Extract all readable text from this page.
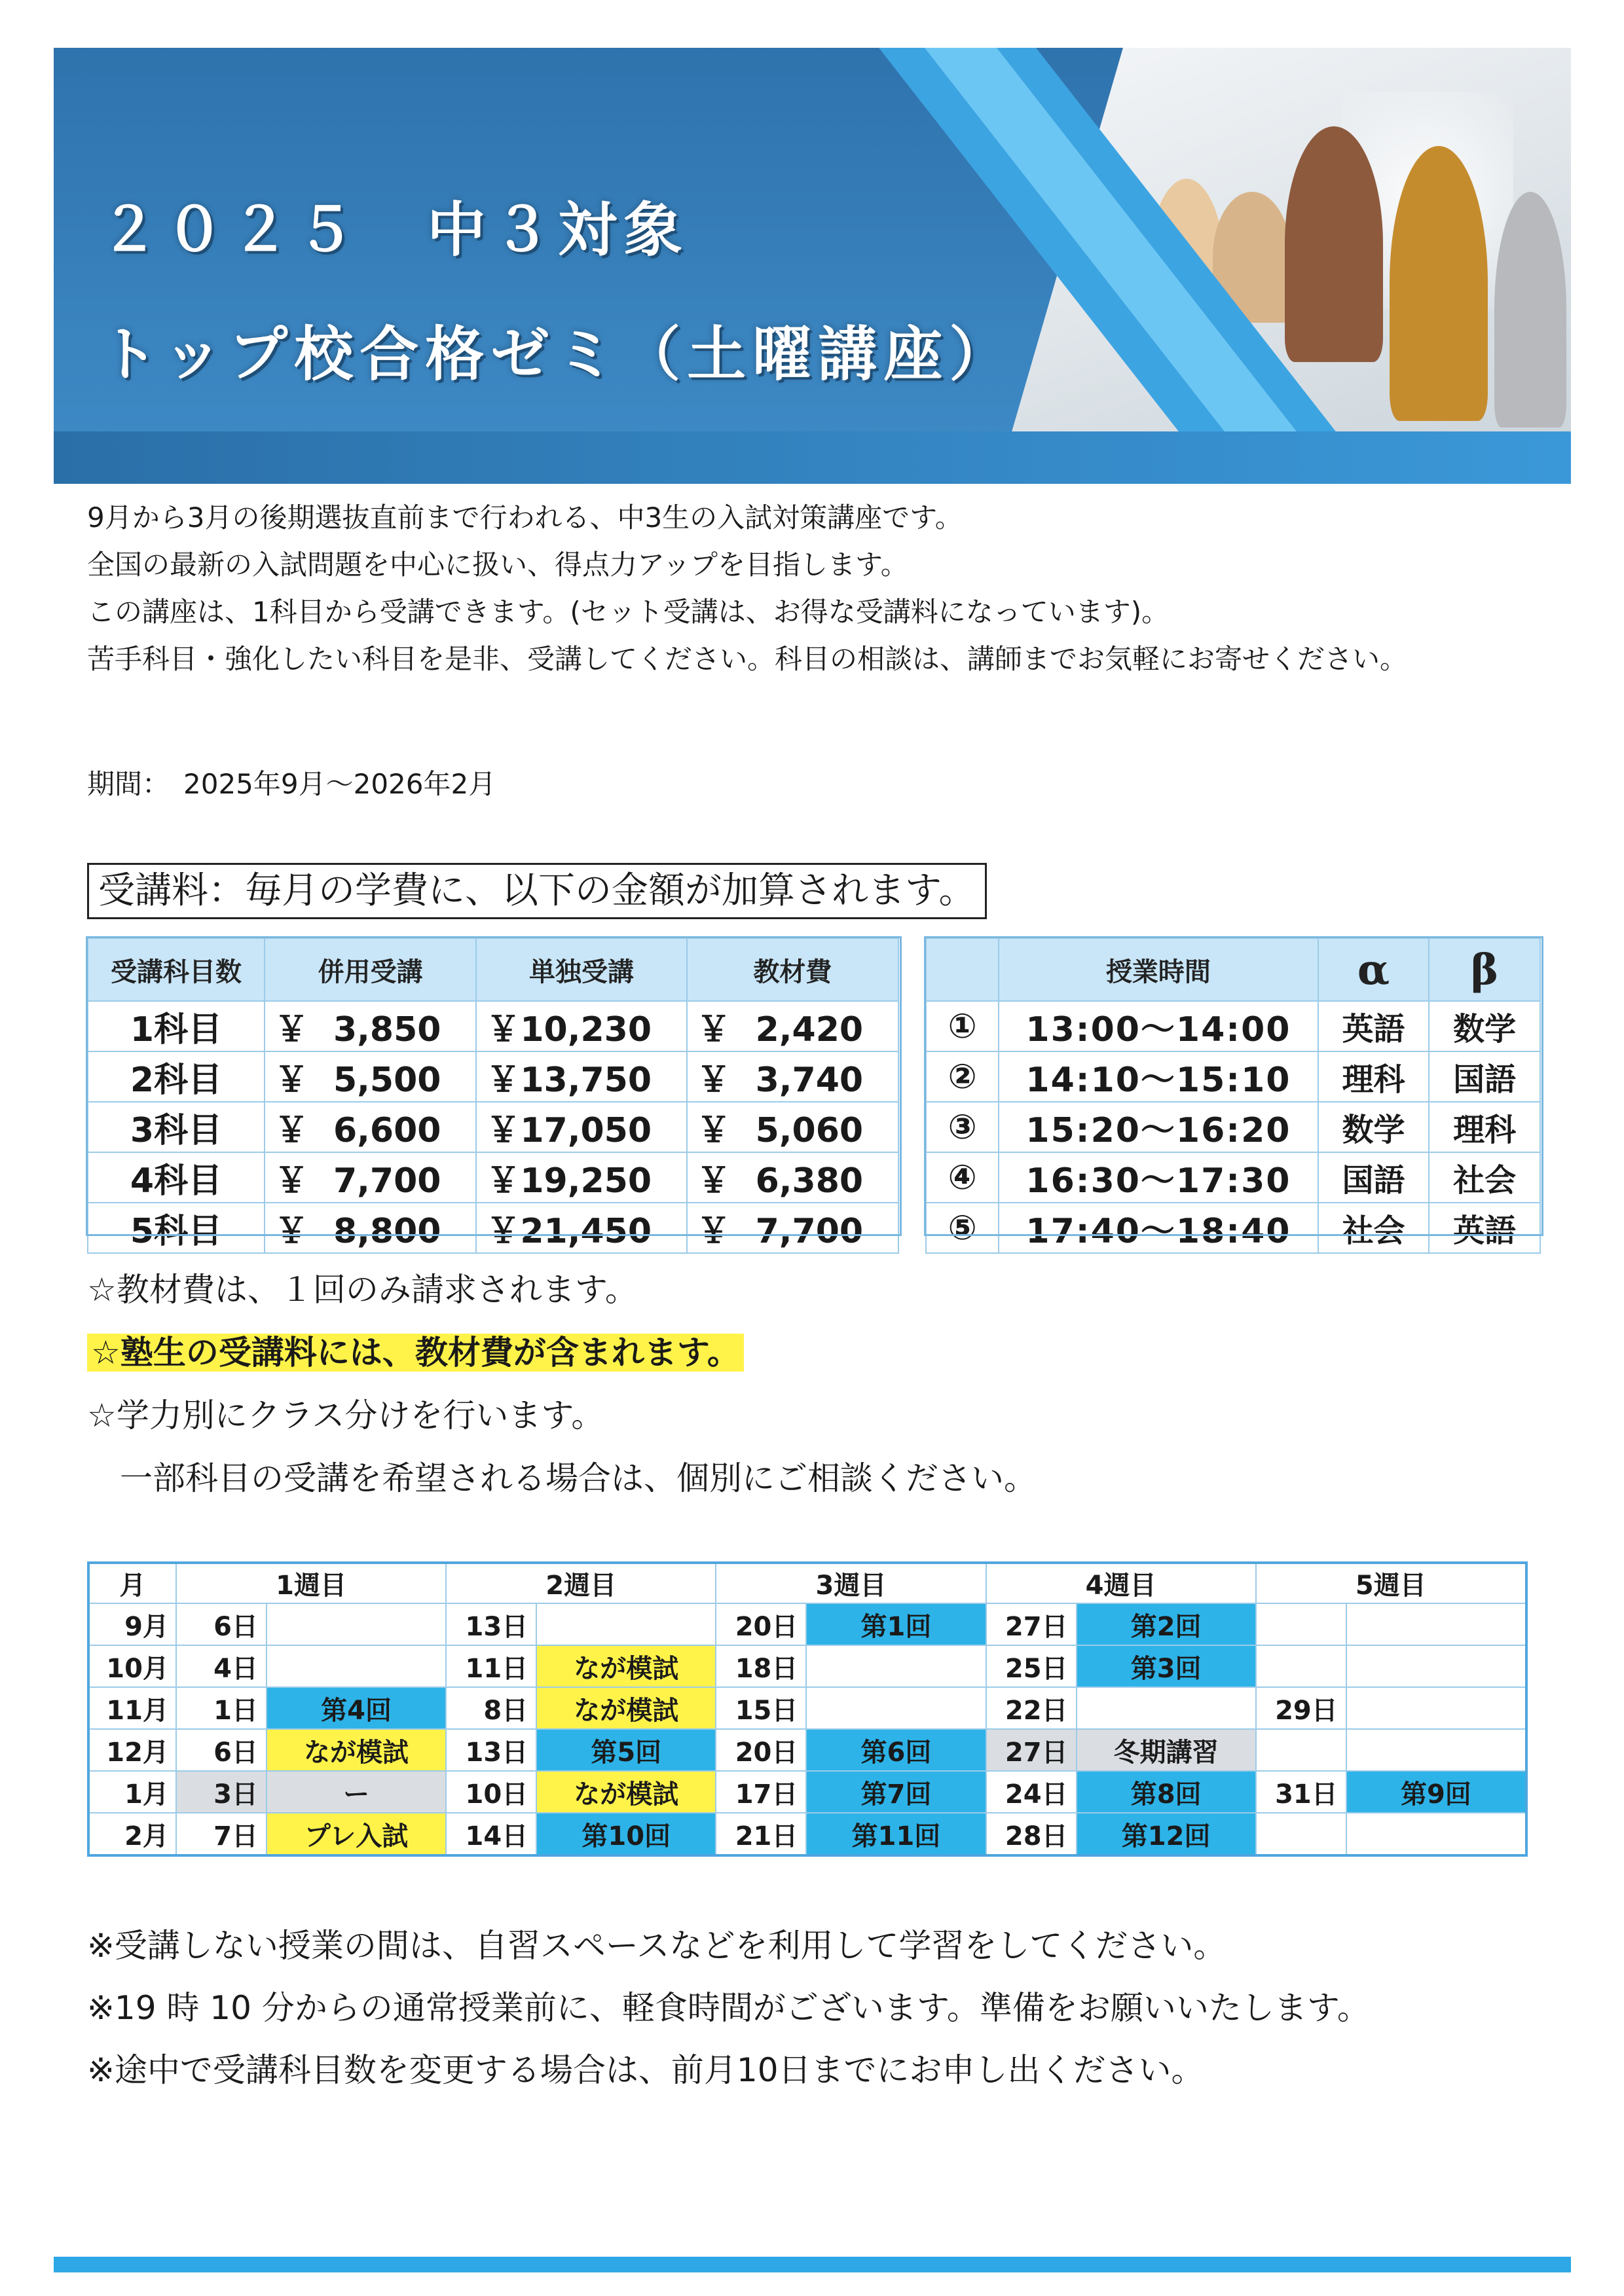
２０２５　中３対象
トップ校合格ゼミ（土曜講座）

9月から3月の後期選抜直前まで行われる、中3生の入試対策講座です。

全国の最新の入試問題を中心に扱い、得点力アップを目指します。

この講座は、1科目から受講できます。(セット受講は、お得な受講料になっています)。

苦手科目・強化したい科目を是非、受講してください。科目の相談は、講師までお気軽にお寄せください。

期間：　2025年9月～2026年2月
受講料：毎月の学費に、以下の金額が加算されます。
受講科目数	併用受講	単独受講	教材費
1科目	￥ 3,850	￥10,230	￥ 2,420
2科目	￥ 5,500	￥13,750	￥ 3,740
3科目	￥ 6,600	￥17,050	￥ 5,060
4科目	￥ 7,700	￥19,250	￥ 6,380
5科目	￥ 8,800	￥21,450	￥ 7,700
	授業時間	α	β
①	13:00～14:00	英語	数学
②	14:10～15:10	理科	国語
③	15:20～16:20	数学	理科
④	16:30～17:30	国語	社会
⑤	17:40～18:40	社会	英語

☆教材費は、１回のみ請求されます。

☆塾生の受講料には、教材費が含まれます。

☆学力別にクラス分けを行います。

　一部科目の受講を希望される場合は、個別にご相談ください。

月	1週目		2週目		3週目		4週目		5週目	
9月	6日		13日		20日	第1回	27日	第2回		
10月	4日		11日	なが模試	18日		25日	第3回		
11月	1日	第4回	8日	なが模試	15日		22日		29日	
12月	6日	なが模試	13日	第5回	20日	第6回	27日	冬期講習		
1月	3日	ー	10日	なが模試	17日	第7回	24日	第8回	31日	第9回
2月	7日	プレ入試	14日	第10回	21日	第11回	28日	第12回		

※受講しない授業の間は、自習スペースなどを利用して学習をしてください。

※19 時 10 分からの通常授業前に、軽食時間がございます。準備をお願いいたします。

※途中で受講科目数を変更する場合は、前月10日までにお申し出ください。
